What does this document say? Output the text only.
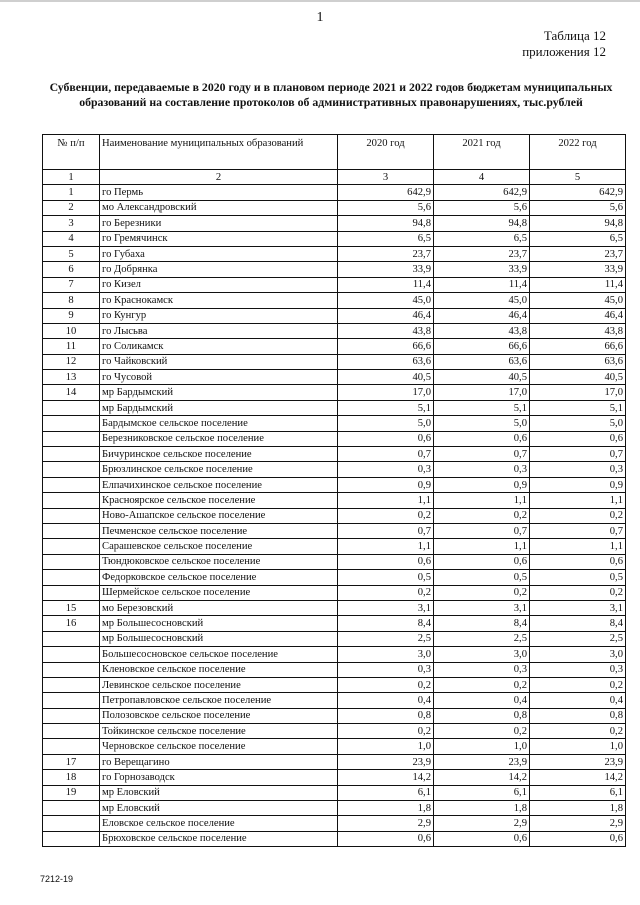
1
Таблица 12
приложения 12
Субвенции, передаваемые в 2020 году и в плановом периоде 2021 и 2022 годов бюджетам муниципальных образований на составление протоколов об административных правонарушениях, тыс.рублей
№ п/п	Наименование муниципальных образований	2020 год	2021 год	2022 год
1	2	3	4	5
1	го Пермь	642,9	642,9	642,9
2	мо Александровский	5,6	5,6	5,6
3	го Березники	94,8	94,8	94,8
4	го Гремячинск	6,5	6,5	6,5
5	го Губаха	23,7	23,7	23,7
6	го Добрянка	33,9	33,9	33,9
7	го Кизел	11,4	11,4	11,4
8	го Краснокамск	45,0	45,0	45,0
9	го Кунгур	46,4	46,4	46,4
10	го Лысьва	43,8	43,8	43,8
11	го Соликамск	66,6	66,6	66,6
12	го Чайковский	63,6	63,6	63,6
13	го Чусовой	40,5	40,5	40,5
14	мр Бардымский	17,0	17,0	17,0
	мр Бардымский	5,1	5,1	5,1
	Бардымское сельское поселение	5,0	5,0	5,0
	Березниковское сельское поселение	0,6	0,6	0,6
	Бичуринское сельское поселение	0,7	0,7	0,7
	Брюзлинское сельское поселение	0,3	0,3	0,3
	Елпачихинское сельское поселение	0,9	0,9	0,9
	Красноярское сельское поселение	1,1	1,1	1,1
	Ново-Ашапское сельское поселение	0,2	0,2	0,2
	Печменское сельское поселение	0,7	0,7	0,7
	Сарашевское сельское поселение	1,1	1,1	1,1
	Тюндюковское сельское поселение	0,6	0,6	0,6
	Федорковское сельское поселение	0,5	0,5	0,5
	Шермейское сельское поселение	0,2	0,2	0,2
15	мо Березовский	3,1	3,1	3,1
16	мр Большесосновский	8,4	8,4	8,4
	мр Большесосновский	2,5	2,5	2,5
	Большесосновское сельское поселение	3,0	3,0	3,0
	Кленовское сельское поселение	0,3	0,3	0,3
	Левинское сельское поселение	0,2	0,2	0,2
	Петропавловское сельское поселение	0,4	0,4	0,4
	Полозовское сельское поселение	0,8	0,8	0,8
	Тойкинское сельское поселение	0,2	0,2	0,2
	Черновское сельское поселение	1,0	1,0	1,0
17	го Верещагино	23,9	23,9	23,9
18	го Горнозаводск	14,2	14,2	14,2
19	мр Еловский	6,1	6,1	6,1
	мр Еловский	1,8	1,8	1,8
	Еловское сельское поселение	2,9	2,9	2,9
	Брюховское сельское поселение	0,6	0,6	0,6
7212-19
